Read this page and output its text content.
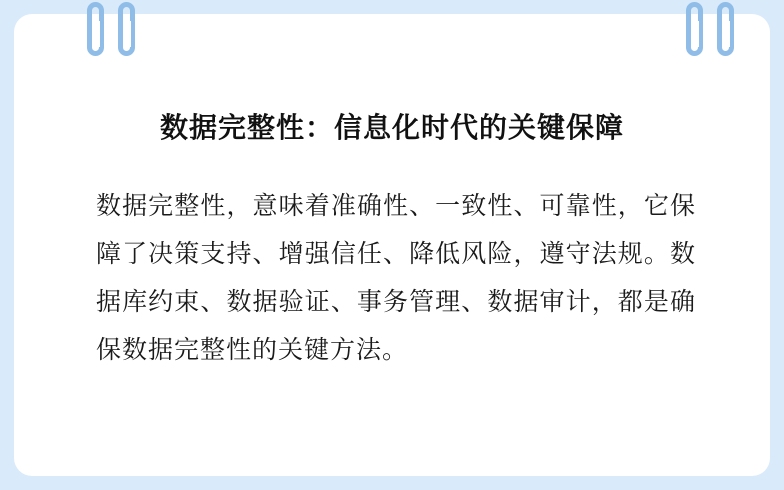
数据完整性：信息化时代的关键保障
数据完整性，意味着准确性、一致性、可靠性，它保障了决策支持、增强信任、降低风险，遵守法规。数据库约束、数据验证、事务管理、数据审计，都是确保数据完整性的关键方法。
